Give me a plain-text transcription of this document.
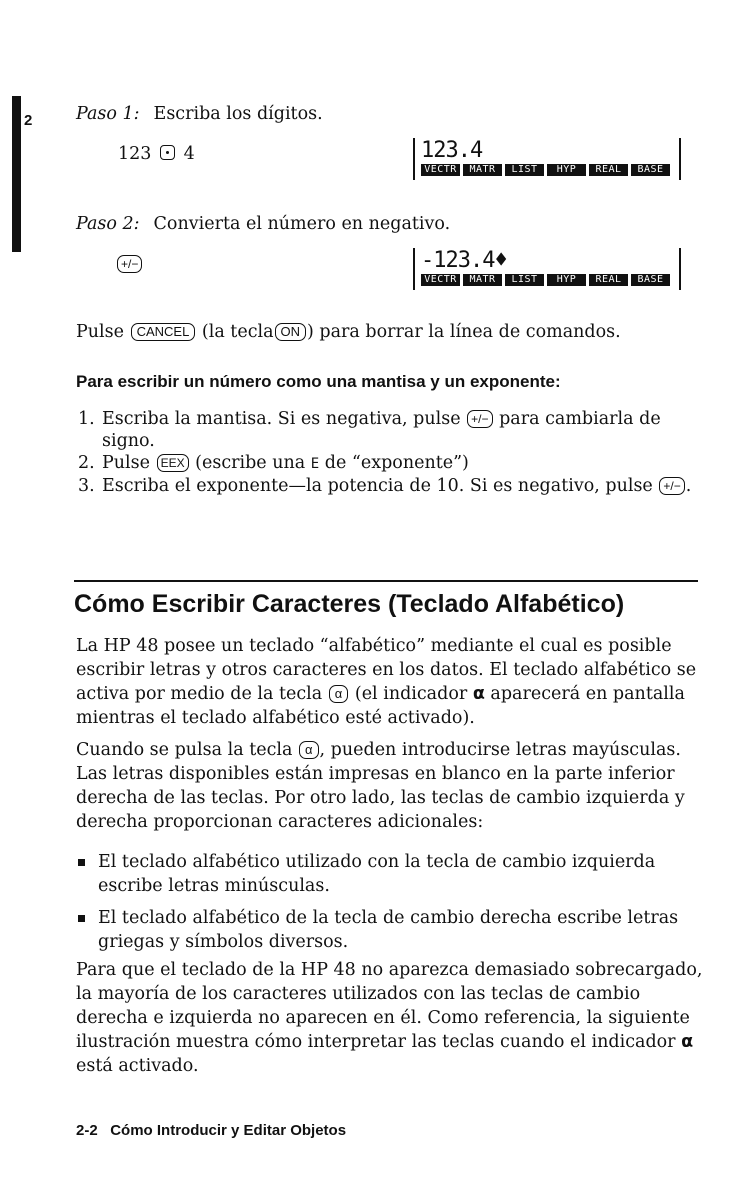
2 Paso 1: Escriba los dígitos.
123 4	123.4
VECTR	MATR	LIST	HYP	REAL	BASE
Paso 2: Convierta el número en negativo.
+/−	-123.4♦
VECTR	MATR	LIST	HYP	REAL	BASE
Pulse CANCEL (la tecla ON ) para borrar la línea de comandos.
Para escribir un número como una mantisa y un exponente:
1. Escriba la mantisa. Si es negativa, pulse +/− para cambiarla de signo.
2. Pulse EEX (escribe una E de “exponente”)
3. Escriba el exponente—la potencia de 10. Si es negativo, pulse +/− .
Cómo Escribir Caracteres (Teclado Alfabético)

La HP 48 posee un teclado “alfabético” mediante el cual es posible escribir letras y otros caracteres en los datos. El teclado alfabético se activa por medio de la tecla α (el indicador α aparecerá en pantalla mientras el teclado alfabético esté activado).

Cuando se pulsa la tecla α , pueden introducirse letras mayúsculas. Las letras disponibles están impresas en blanco en la parte inferior derecha de las teclas. Por otro lado, las teclas de cambio izquierda y derecha proporcionan caracteres adicionales:

El teclado alfabético utilizado con la tecla de cambio izquierda escribe letras minúsculas.
El teclado alfabético de la tecla de cambio derecha escribe letras griegas y símbolos diversos.

Para que el teclado de la HP 48 no aparezca demasiado sobrecargado, la mayoría de los caracteres utilizados con las teclas de cambio derecha e izquierda no aparecen en él. Como referencia, la siguiente ilustración muestra cómo interpretar las teclas cuando el indicador α está activado.

2-2 Cómo Introducir y Editar Objetos
